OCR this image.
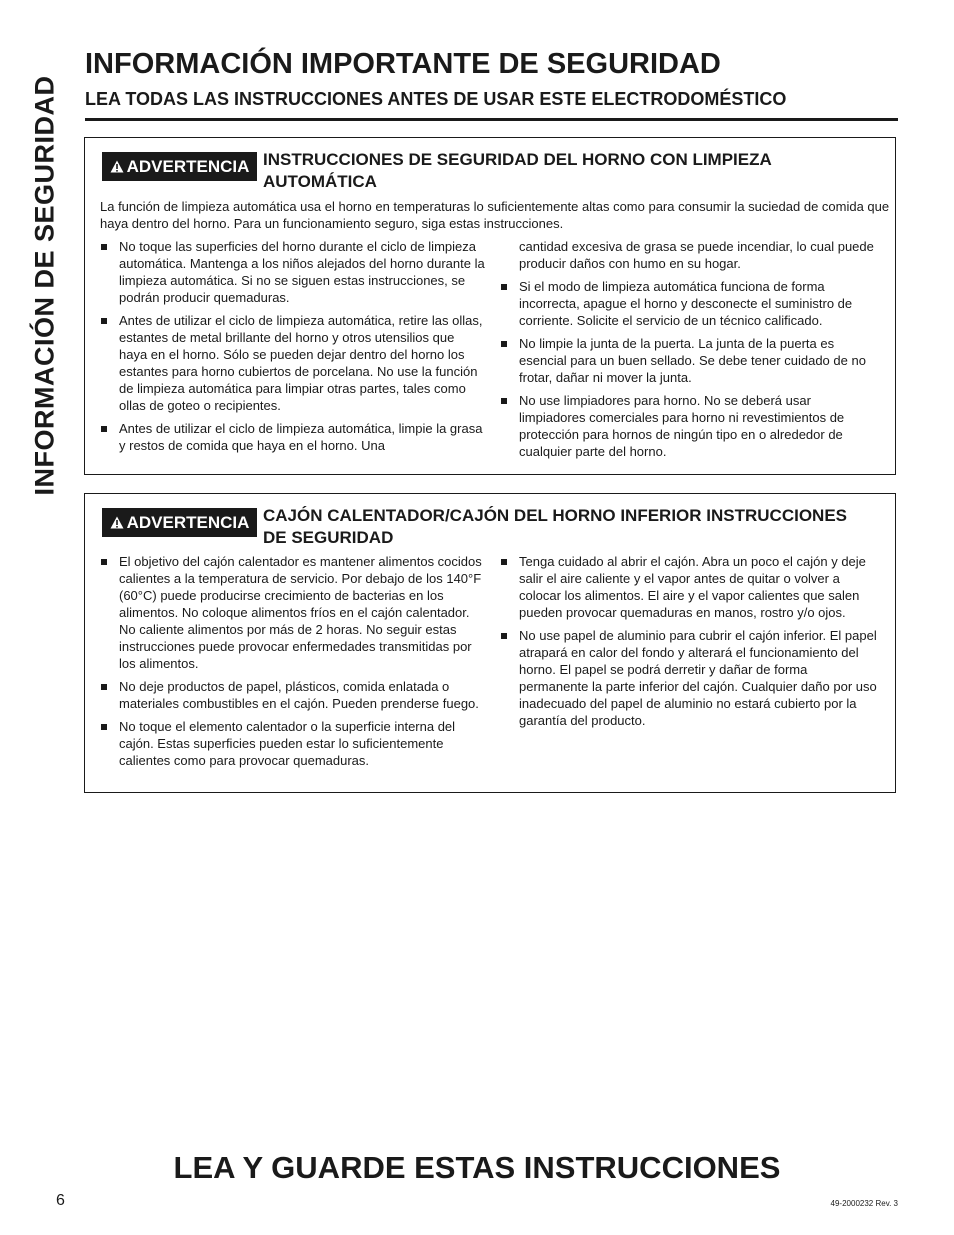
INFORMACIÓN DE SEGURIDAD
INFORMACIÓN IMPORTANTE DE SEGURIDAD
LEA TODAS LAS INSTRUCCIONES ANTES DE USAR ESTE ELECTRODOMÉSTICO
ADVERTENCIA INSTRUCCIONES DE SEGURIDAD DEL HORNO CON LIMPIEZA AUTOMÁTICA

La función de limpieza automática usa el horno en temperaturas lo suficientemente altas como para consumir la suciedad de comida que haya dentro del horno. Para un funcionamiento seguro, siga estas instrucciones.

No toque las superficies del horno durante el ciclo de limpieza automática. Mantenga a los niños alejados del horno durante la limpieza automática. Si no se siguen estas instrucciones, se podrán producir quemaduras.
Antes de utilizar el ciclo de limpieza automática, retire las ollas, estantes de metal brillante del horno y otros utensilios que haya en el horno. Sólo se pueden dejar dentro del horno los estantes para horno cubiertos de porcelana. No use la función de limpieza automática para limpiar otras partes, tales como ollas de goteo o recipientes.
Antes de utilizar el ciclo de limpieza automática, limpie la grasa y restos de comida que haya en el horno. Una
cantidad excesiva de grasa se puede incendiar, lo cual puede producir daños con humo en su hogar.
Si el modo de limpieza automática funciona de forma incorrecta, apague el horno y desconecte el suministro de corriente. Solicite el servicio de un técnico calificado.
No limpie la junta de la puerta. La junta de la puerta es esencial para un buen sellado. Se debe tener cuidado de no frotar, dañar ni mover la junta.
No use limpiadores para horno. No se deberá usar limpiadores comerciales para horno ni revestimientos de protección para hornos de ningún tipo en o alrededor de cualquier parte del horno.
ADVERTENCIA CAJÓN CALENTADOR/CAJÓN DEL HORNO INFERIOR INSTRUCCIONES DE SEGURIDAD
El objetivo del cajón calentador es mantener alimentos cocidos calientes a la temperatura de servicio. Por debajo de los 140°F (60°C) puede producirse crecimiento de bacterias en los alimentos. No coloque alimentos fríos en el cajón calentador. No caliente alimentos por más de 2 horas. No seguir estas instrucciones puede provocar enfermedades transmitidas por los alimentos.
No deje productos de papel, plásticos, comida enlatada o materiales combustibles en el cajón. Pueden prenderse fuego.
No toque el elemento calentador o la superficie interna del cajón. Estas superficies pueden estar lo suficientemente calientes como para provocar quemaduras.
Tenga cuidado al abrir el cajón. Abra un poco el cajón y deje salir el aire caliente y el vapor antes de quitar o volver a colocar los alimentos. El aire y el vapor calientes que salen pueden provocar quemaduras en manos, rostro y/o ojos.
No use papel de aluminio para cubrir el cajón inferior. El papel atrapará en calor del fondo y alterará el funcionamiento del horno. El papel se podrá derretir y dañar de forma permanente la parte inferior del cajón. Cualquier daño por uso inadecuado del papel de aluminio no estará cubierto por la garantía del producto.
LEA Y GUARDE ESTAS INSTRUCCIONES
6	49-2000232 Rev. 3
